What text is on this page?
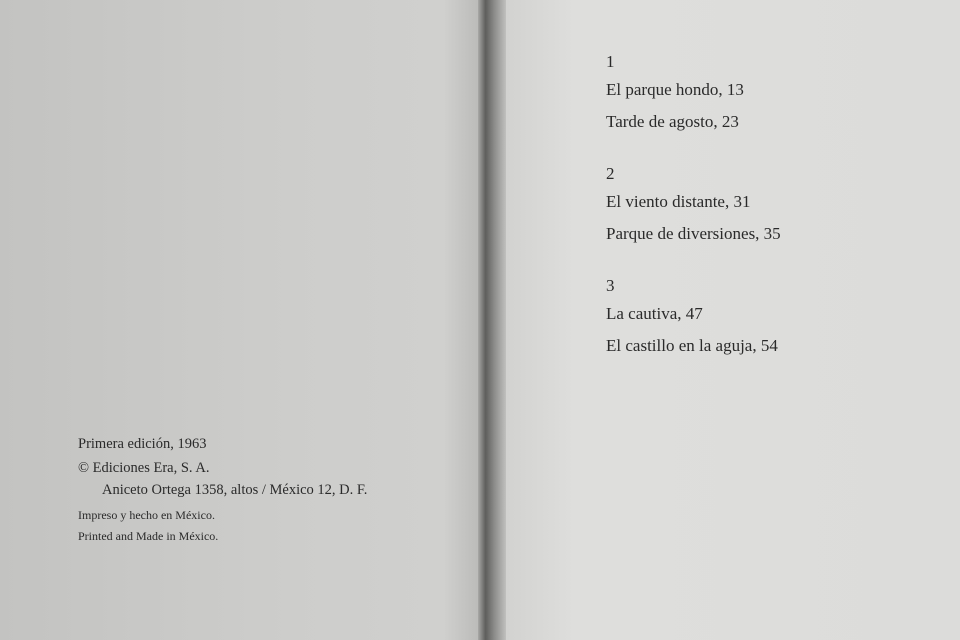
Primera edición, 1963
© Ediciones Era, S. A.
Aniceto Ortega 1358, altos / México 12, D. F.
Impreso y hecho en México.
Printed and Made in México.
1
El parque hondo, 13
Tarde de agosto, 23
2
El viento distante, 31
Parque de diversiones, 35
3
La cautiva, 47
El castillo en la aguja, 54
